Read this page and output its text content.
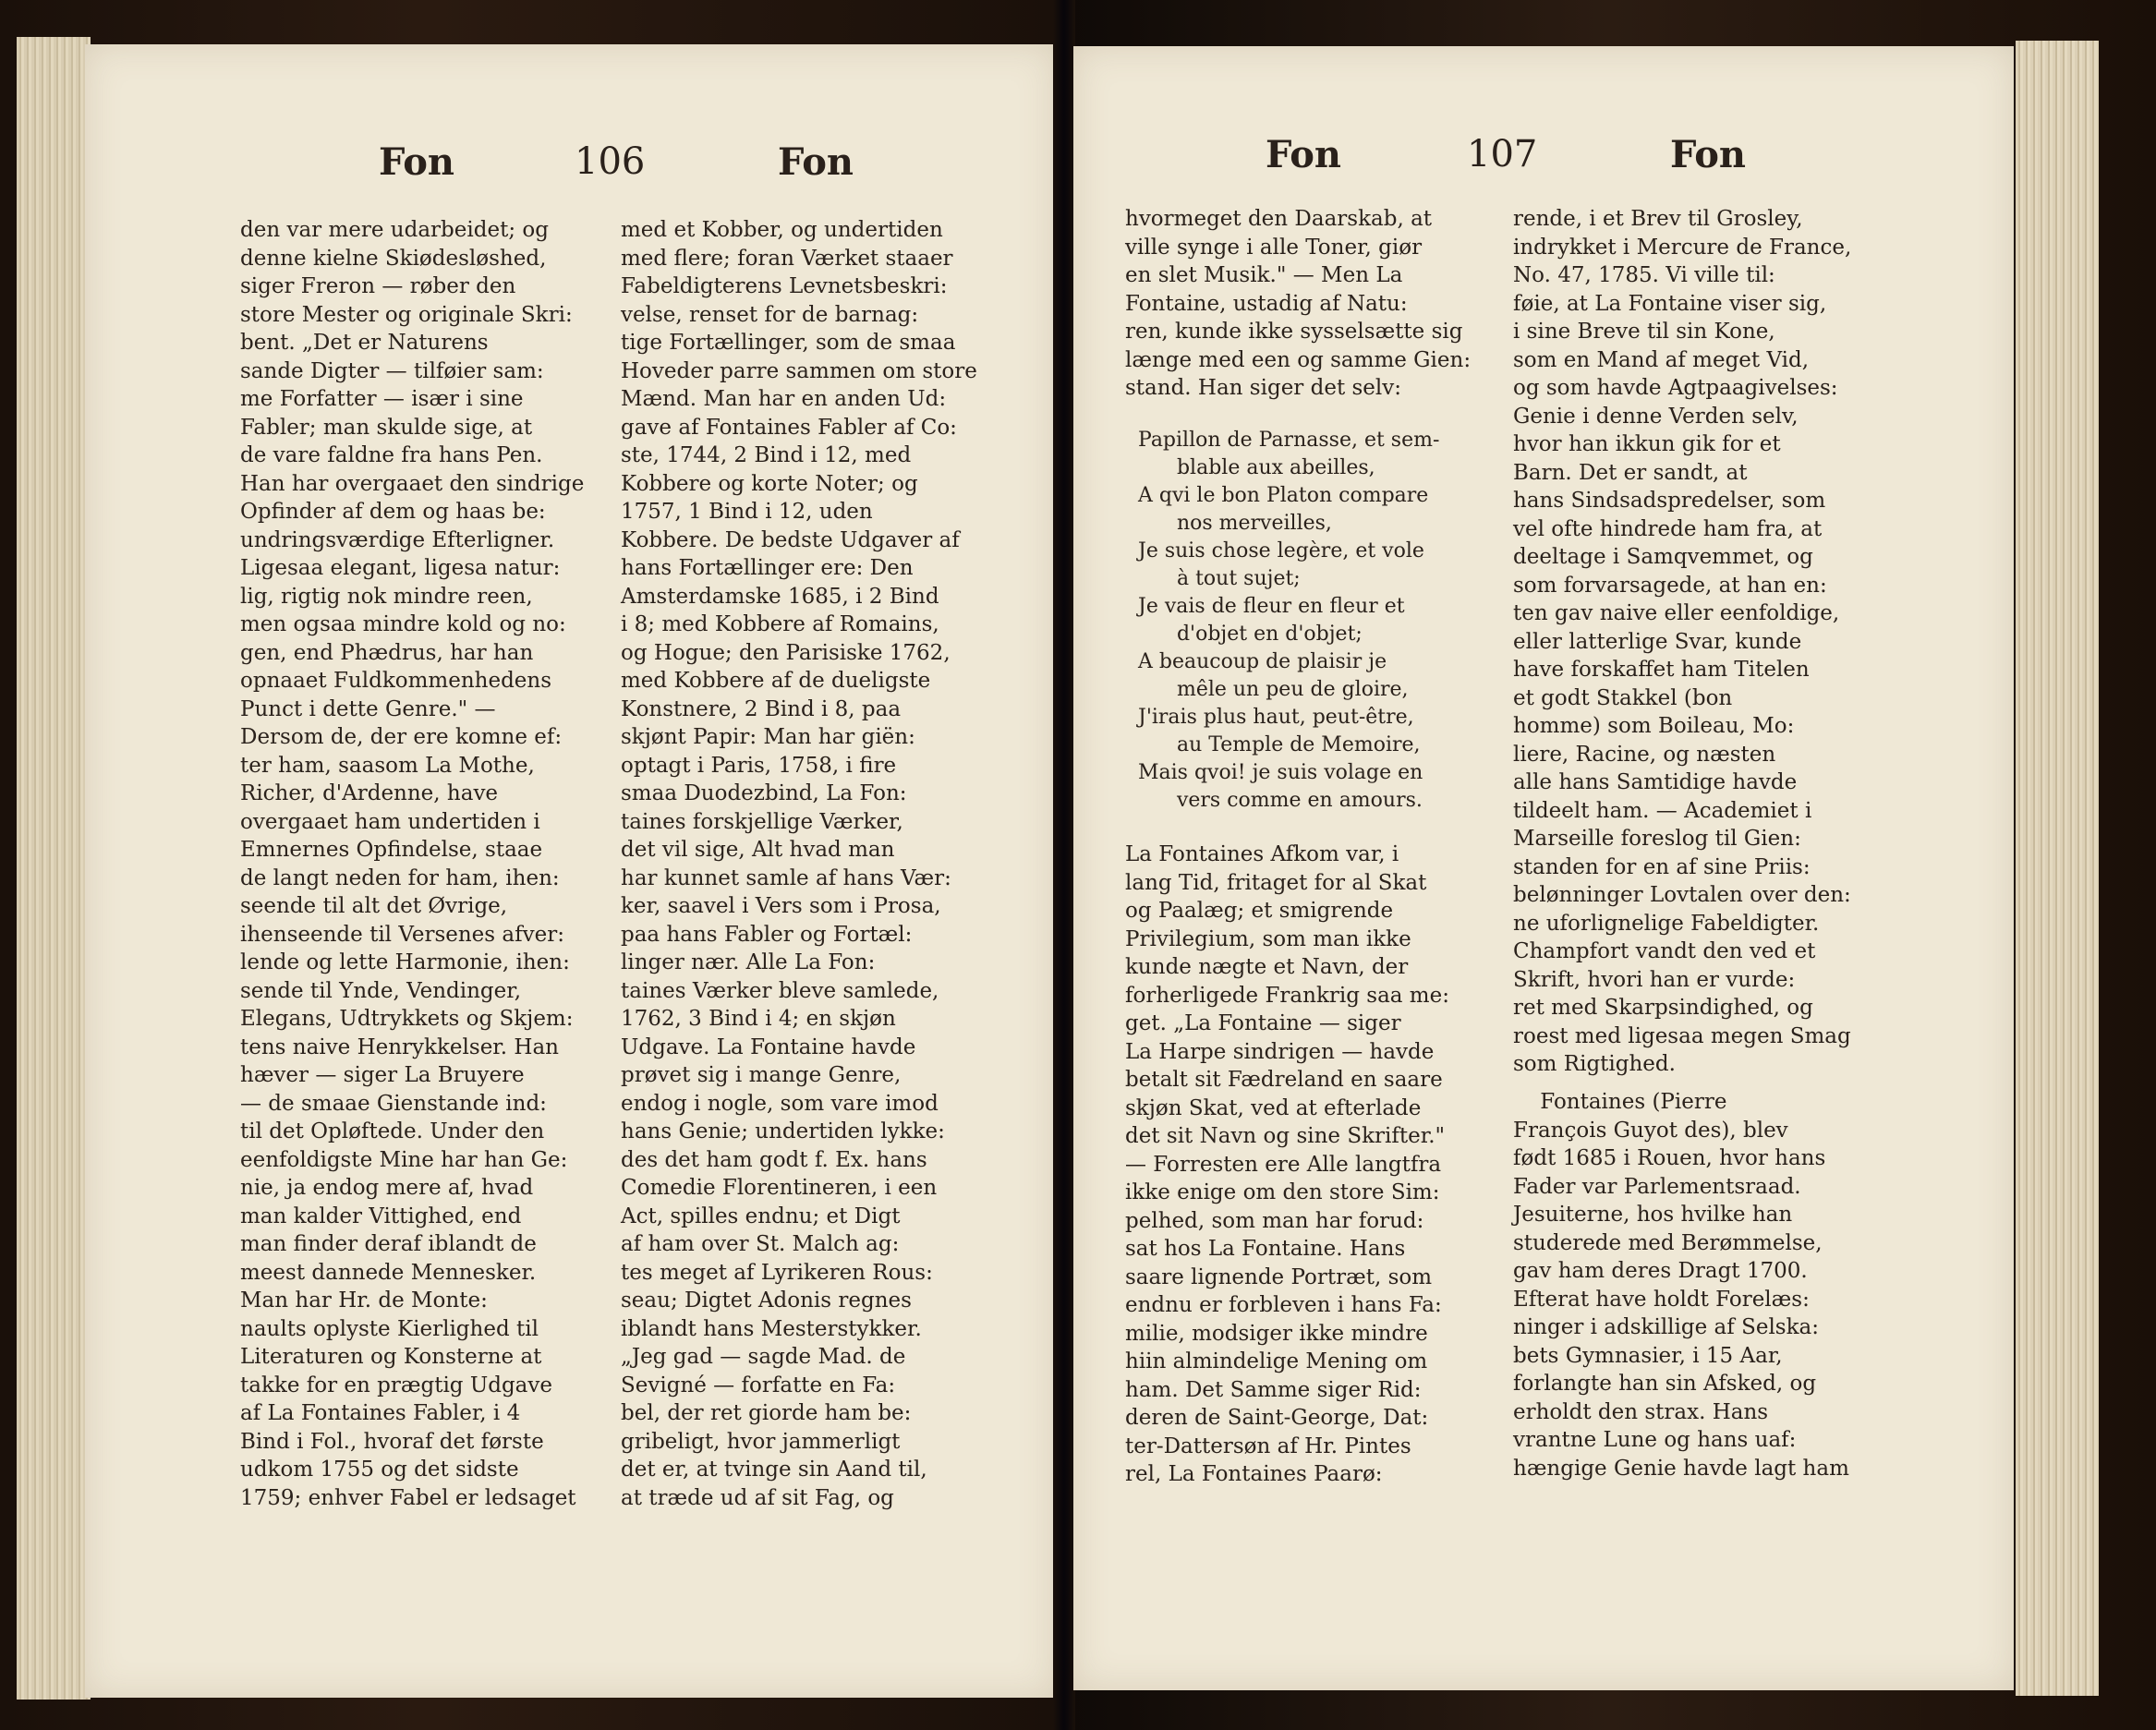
Fon	106	Fon
den var mere udarbeidet; og
denne kielne Skiødesløshed,
siger Freron — røber den
store Mester og originale Skri:
bent. „Det er Naturens
sande Digter — tilføier sam:
me Forfatter — især i sine
Fabler; man skulde sige, at
de vare faldne fra hans Pen.
Han har overgaaet den sindrige
Opfinder af dem og haas be:
undringsværdige Efterligner.
Ligesaa elegant, ligesa natur:
lig, rigtig nok mindre reen,
men ogsaa mindre kold og no:
gen, end Phædrus, har han
opnaaet Fuldkommenhedens
Punct i dette Genre." —
Dersom de, der ere komne ef:
ter ham, saasom La Mothe,
Richer, d'Ardenne, have
overgaaet ham undertiden i
Emnernes Opfindelse, staae
de langt neden for ham, ihen:
seende til alt det Øvrige,
ihenseende til Versenes afver:
lende og lette Harmonie, ihen:
sende til Ynde, Vendinger,
Elegans, Udtrykkets og Skjem:
tens naive Henrykkelser. Han
hæver — siger La Bruyere
— de smaae Gienstande ind:
til det Opløftede. Under den
eenfoldigste Mine har han Ge:
nie, ja endog mere af, hvad
man kalder Vittighed, end
man finder deraf iblandt de
meest dannede Mennesker.
Man har Hr. de Monte:
naults oplyste Kierlighed til
Literaturen og Konsterne at
takke for en prægtig Udgave
af La Fontaines Fabler, i 4
Bind i Fol., hvoraf det første
udkom 1755 og det sidste
1759; enhver Fabel er ledsaget
med et Kobber, og undertiden
med flere; foran Værket staaer
Fabeldigterens Levnetsbeskri:
velse, renset for de barnag:
tige Fortællinger, som de smaa
Hoveder parre sammen om store
Mænd. Man har en anden Ud:
gave af Fontaines Fabler af Co:
ste, 1744, 2 Bind i 12, med
Kobbere og korte Noter; og
1757, 1 Bind i 12, uden
Kobbere. De bedste Udgaver af
hans Fortællinger ere: Den
Amsterdamske 1685, i 2 Bind
i 8; med Kobbere af Romains,
og Hogue; den Parisiske 1762,
med Kobbere af de dueligste
Konstnere, 2 Bind i 8, paa
skjønt Papir: Man har giën:
optagt i Paris, 1758, i fire
smaa Duodezbind, La Fon:
taines forskjellige Værker,
det vil sige, Alt hvad man
har kunnet samle af hans Vær:
ker, saavel i Vers som i Prosa,
paa hans Fabler og Fortæl:
linger nær. Alle La Fon:
taines Værker bleve samlede,
1762, 3 Bind i 4; en skjøn
Udgave. La Fontaine havde
prøvet sig i mange Genre,
endog i nogle, som vare imod
hans Genie; undertiden lykke:
des det ham godt f. Ex. hans
Comedie Florentineren, i een
Act, spilles endnu; et Digt
af ham over St. Malch ag:
tes meget af Lyrikeren Rous:
seau; Digtet Adonis regnes
iblandt hans Mesterstykker.
„Jeg gad — sagde Mad. de
Sevigné — forfatte en Fa:
bel, der ret giorde ham be:
gribeligt, hvor jammerligt
det er, at tvinge sin Aand til,
at træde ud af sit Fag, og
Fon	107	Fon
hvormeget den Daarskab, at
ville synge i alle Toner, giør
en slet Musik." — Men La
Fontaine, ustadig af Natu:
ren, kunde ikke sysselsætte sig
længe med een og samme Gien:
stand. Han siger det selv:
Papillon de Parnasse, et sem-
blable aux abeilles,
A qvi le bon Platon compare
nos merveilles,
Je suis chose legère, et vole
à tout sujet;
Je vais de fleur en fleur et
d'objet en d'objet;
A beaucoup de plaisir je
mêle un peu de gloire,
J'irais plus haut, peut-être,
au Temple de Memoire,
Mais qvoi! je suis volage en
vers comme en amours.
La Fontaines Afkom var, i
lang Tid, fritaget for al Skat
og Paalæg; et smigrende
Privilegium, som man ikke
kunde nægte et Navn, der
forherligede Frankrig saa me:
get. „La Fontaine — siger
La Harpe sindrigen — havde
betalt sit Fædreland en saare
skjøn Skat, ved at efterlade
det sit Navn og sine Skrifter."
— Forresten ere Alle langtfra
ikke enige om den store Sim:
pelhed, som man har forud:
sat hos La Fontaine. Hans
saare lignende Portræt, som
endnu er forbleven i hans Fa:
milie, modsiger ikke mindre
hiin almindelige Mening om
ham. Det Samme siger Rid:
deren de Saint-George, Dat:
ter-Dattersøn af Hr. Pintes
rel, La Fontaines Paarø:
rende, i et Brev til Grosley,
indrykket i Mercure de France,
No. 47, 1785. Vi ville til:
føie, at La Fontaine viser sig,
i sine Breve til sin Kone,
som en Mand af meget Vid,
og som havde Agtpaagivelses:
Genie i denne Verden selv,
hvor han ikkun gik for et
Barn. Det er sandt, at
hans Sindsadspredelser, som
vel ofte hindrede ham fra, at
deeltage i Samqvemmet, og
som forvarsagede, at han en:
ten gav naive eller eenfoldige,
eller latterlige Svar, kunde
have forskaffet ham Titelen
et godt Stakkel (bon
homme) som Boileau, Mo:
liere, Racine, og næsten
alle hans Samtidige havde
tildeelt ham. — Academiet i
Marseille foreslog til Gien:
standen for en af sine Priis:
belønninger Lovtalen over den:
ne uforlignelige Fabeldigter.
Champfort vandt den ved et
Skrift, hvori han er vurde:
ret med Skarpsindighed, og
roest med ligesaa megen Smag
som Rigtighed.
Fontaines (Pierre
François Guyot des), blev
født 1685 i Rouen, hvor hans
Fader var Parlementsraad.
Jesuiterne, hos hvilke han
studerede med Berømmelse,
gav ham deres Dragt 1700.
Efterat have holdt Forelæs:
ninger i adskillige af Selska:
bets Gymnasier, i 15 Aar,
forlangte han sin Afsked, og
erholdt den strax. Hans
vrantne Lune og hans uaf:
hængige Genie havde lagt ham
